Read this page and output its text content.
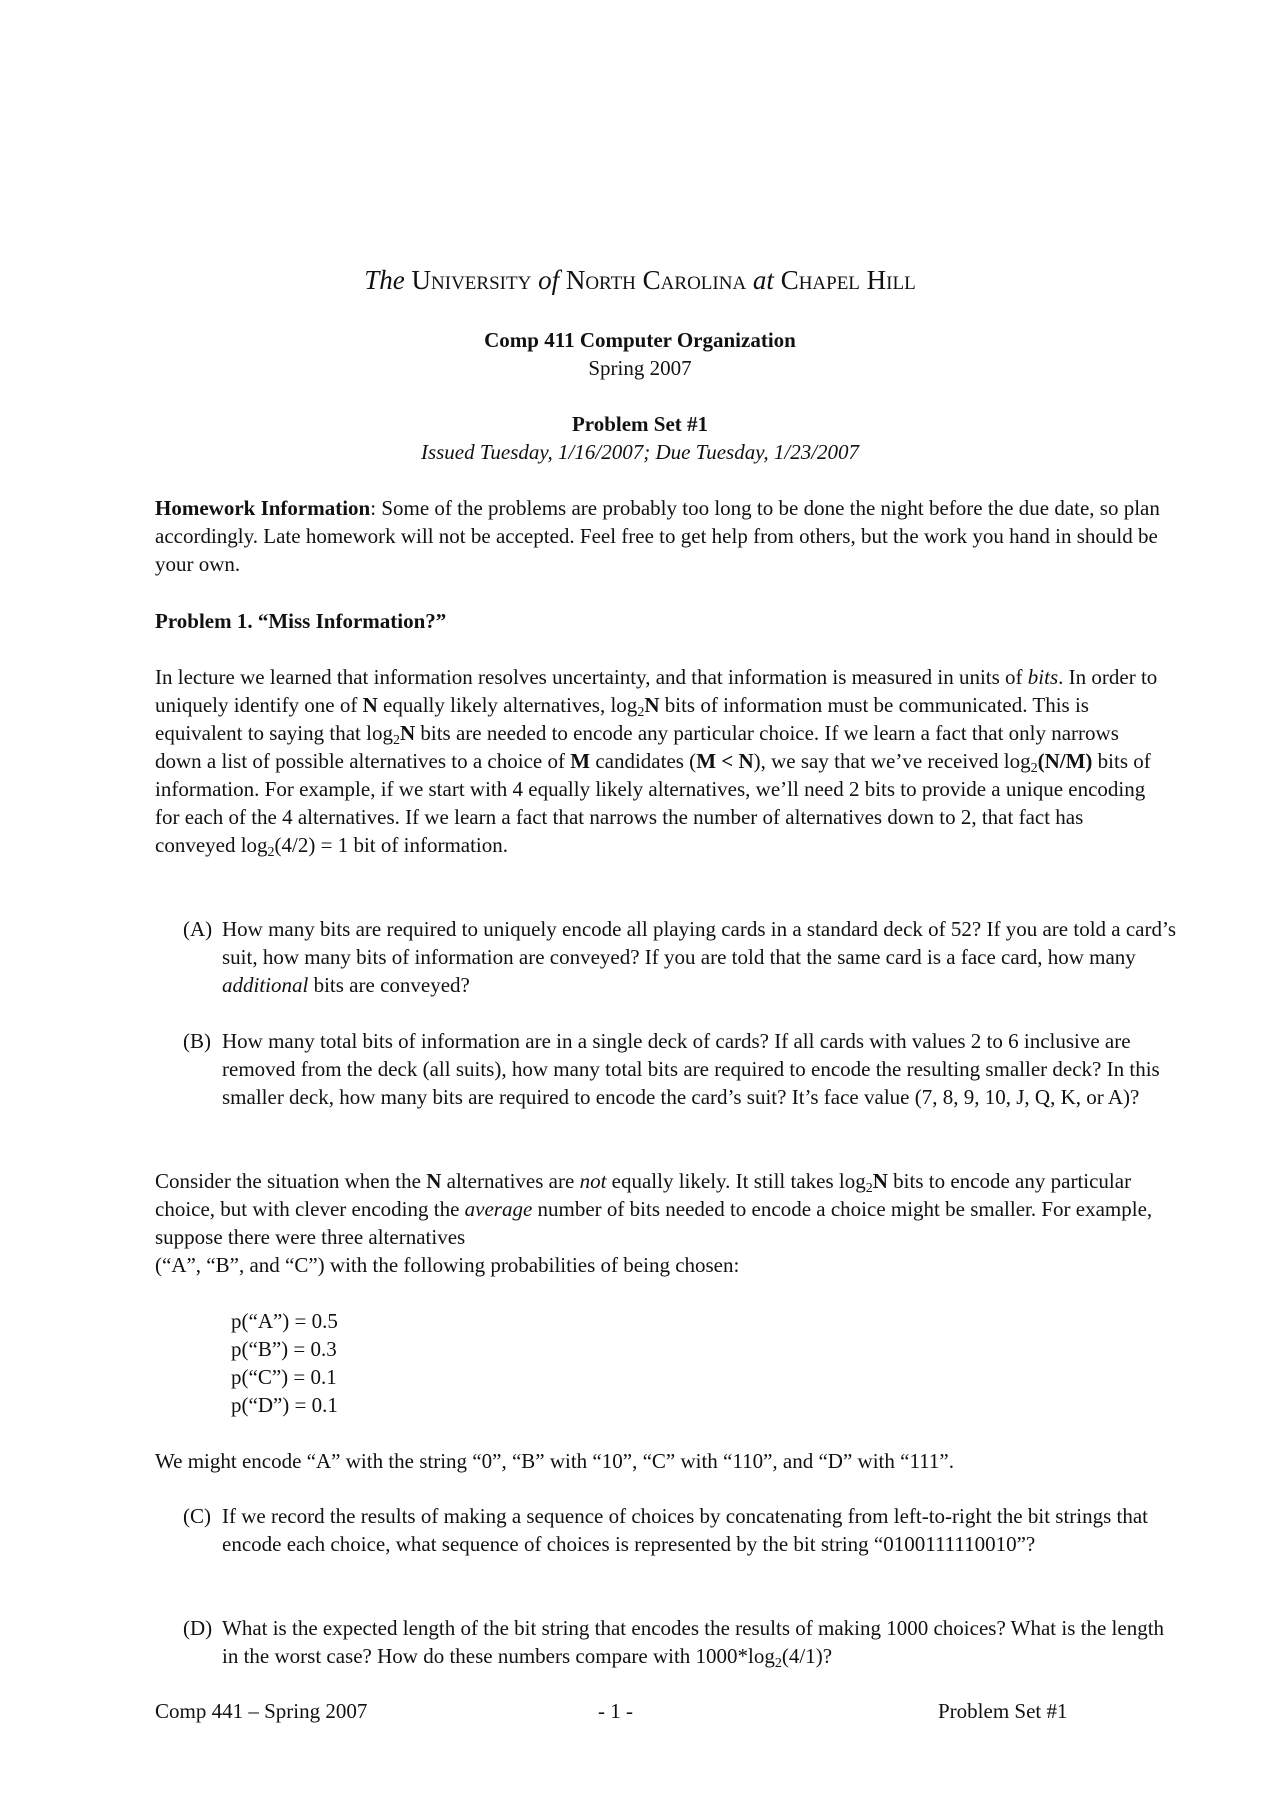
The University of North Carolina at Chapel Hill
Comp 411 Computer Organization
Spring 2007
Problem Set #1
Issued Tuesday, 1/16/2007; Due Tuesday, 1/23/2007
Homework Information: Some of the problems are probably too long to be done the night before the due date, so plan accordingly. Late homework will not be accepted. Feel free to get help from others, but the work you hand in should be your own.
Problem 1. “Miss Information?”
In lecture we learned that information resolves uncertainty, and that information is measured in units of bits. In order to uniquely identify one of N equally likely alternatives, $\log_2N$ bits of information must be communicated. This is equivalent to saying that $\log_2N$ bits are needed to encode any particular choice. If we learn a fact that only narrows down a list of possible alternatives to a choice of M candidates (M < N), we say that we’ve received $\log_2(N/M)$ bits of information. For example, if we start with 4 equally likely alternatives, we’ll need 2 bits to provide a unique encoding for each of the 4 alternatives. If we learn a fact that narrows the number of alternatives down to 2, that fact has conveyed $\log_2(4/2) = 1$ bit of information.
(A) How many bits are required to uniquely encode all playing cards in a standard deck of 52? If you are told a card’s suit, how many bits of information are conveyed? If you are told that the same card is a face card, how many additional bits are conveyed?
(B) How many total bits of information are in a single deck of cards? If all cards with values 2 to 6 inclusive are removed from the deck (all suits), how many total bits are required to encode the resulting smaller deck? In this smaller deck, how many bits are required to encode the card’s suit? It’s face value (7, 8, 9, 10, J, Q, K, or A)?
Consider the situation when the N alternatives are not equally likely. It still takes $\log_2N$ bits to encode any particular choice, but with clever encoding the average number of bits needed to encode a choice might be smaller. For example, suppose there were three alternatives
(“A”, “B”, and “C”) with the following probabilities of being chosen:
p(“A”) = 0.5
p(“B”) = 0.3
p(“C”) = 0.1
p(“D”) = 0.1
We might encode “A” with the string “0”, “B” with “10”, “C” with “110”, and “D” with “111”.
(C) If we record the results of making a sequence of choices by concatenating from left-to-right the bit strings that encode each choice, what sequence of choices is represented by the bit string “0100111110010”?
(D) What is the expected length of the bit string that encodes the results of making 1000 choices? What is the length in the worst case? How do these numbers compare with $1000*\log_2(4/1)$?
Comp 441 – Spring 2007	- 1 -	Problem Set #1
